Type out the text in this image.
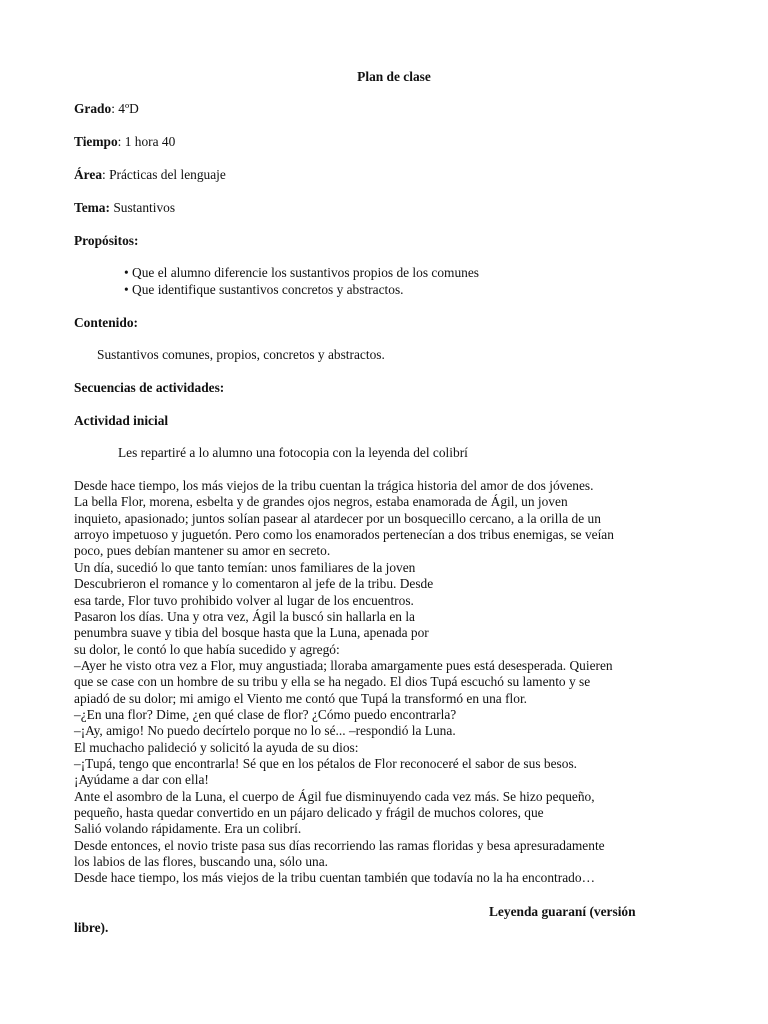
Plan de clase
Grado: 4ºD
Tiempo: 1 hora 40
Área: Prácticas del lenguaje
Tema: Sustantivos
Propósitos:
• Que el alumno diferencie los sustantivos propios de los comunes
• Que identifique sustantivos concretos y abstractos.
Contenido:
Sustantivos comunes, propios, concretos y abstractos.
Secuencias de actividades:
Actividad inicial
Les repartiré a lo alumno una fotocopia con la leyenda del colibrí
Desde hace tiempo, los más viejos de la tribu cuentan la trágica historia del amor de dos jóvenes.
La bella Flor, morena, esbelta y de grandes ojos negros, estaba enamorada de Ágil, un joven
inquieto, apasionado; juntos solían pasear al atardecer por un bosquecillo cercano, a la orilla de un
arroyo impetuoso y juguetón. Pero como los enamorados pertenecían a dos tribus enemigas, se veían
poco, pues debían mantener su amor en secreto.
Un día, sucedió lo que tanto temían: unos familiares de la joven
Descubrieron el romance y lo comentaron al jefe de la tribu. Desde
esa tarde, Flor tuvo prohibido volver al lugar de los encuentros.
Pasaron los días. Una y otra vez, Ágil la buscó sin hallarla en la
penumbra suave y tibia del bosque hasta que la Luna, apenada por
su dolor, le contó lo que había sucedido y agregó:
–Ayer he visto otra vez a Flor, muy angustiada; lloraba amargamente pues está desesperada. Quieren
que se case con un hombre de su tribu y ella se ha negado. El dios Tupá escuchó su lamento y se
apiadó de su dolor; mi amigo el Viento me contó que Tupá la transformó en una flor.
–¿En una flor? Dime, ¿en qué clase de flor? ¿Cómo puedo encontrarla?
–¡Ay, amigo! No puedo decírtelo porque no lo sé... –respondió la Luna.
El muchacho palideció y solicitó la ayuda de su dios:
–¡Tupá, tengo que encontrarla! Sé que en los pétalos de Flor reconoceré el sabor de sus besos.
¡Ayúdame a dar con ella!
Ante el asombro de la Luna, el cuerpo de Ágil fue disminuyendo cada vez más. Se hizo pequeño,
pequeño, hasta quedar convertido en un pájaro delicado y frágil de muchos colores, que
Salió volando rápidamente. Era un colibrí.
Desde entonces, el novio triste pasa sus días recorriendo las ramas floridas y besa apresuradamente
los labios de las flores, buscando una, sólo una.
Desde hace tiempo, los más viejos de la tribu cuentan también que todavía no la ha encontrado…
Leyenda guaraní (versión
libre).
